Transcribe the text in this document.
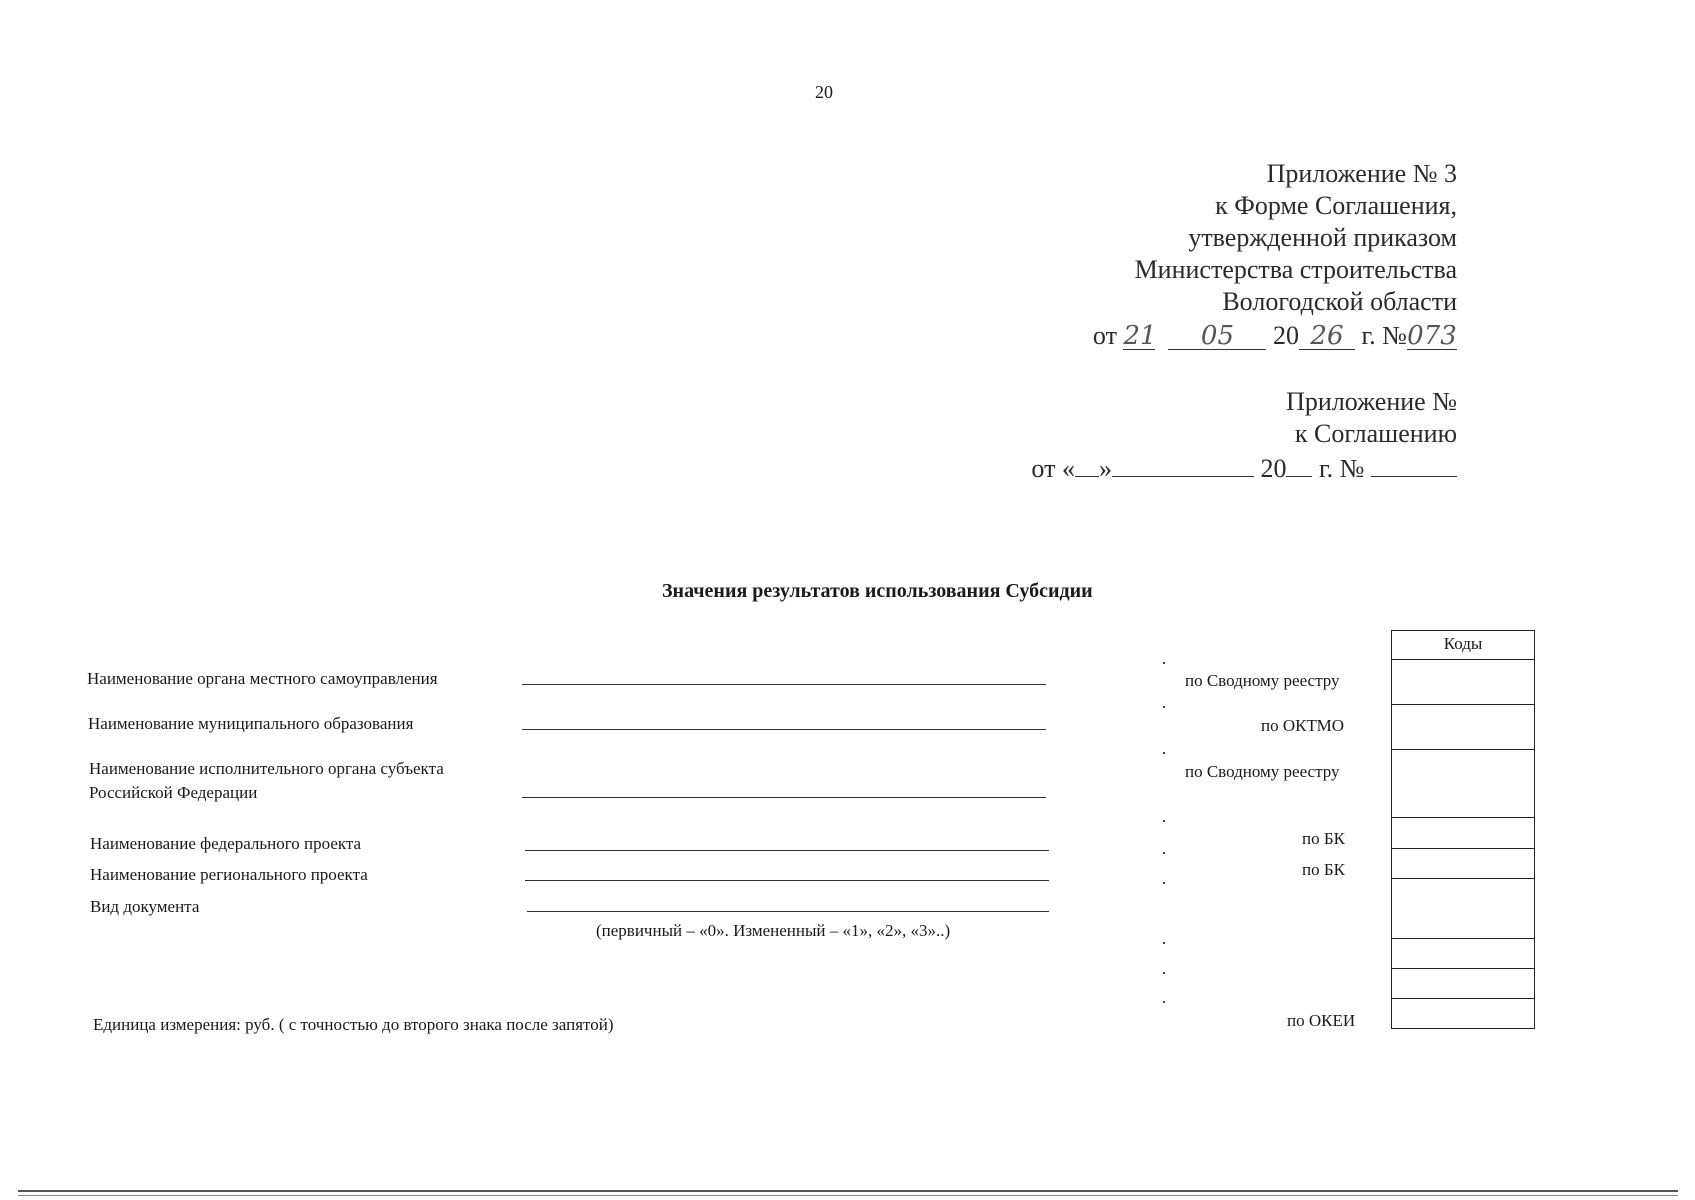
20
Приложение № 3
к Форме Соглашения,
утвержденной приказом
Министерства строительства
Вологодской области
от 21 05 20 26 г. №073
Приложение №
к Соглашению
от « »	20 г. №
Значения результатов использования Субсидии
Наименование органа местного самоуправления
Наименование муниципального образования
Наименование исполнительного органа субъекта
Российской Федерации
Наименование федерального проекта
Наименование регионального проекта
Вид документа
(первичный – «0». Измененный – «1», «2», «3»..)
Единица измерения: руб. ( с точностью до второго знака после запятой)
по Сводному реестру
по ОКТМО
по Сводному реестру
по БК
по БК
по ОКЕИ
Коды
